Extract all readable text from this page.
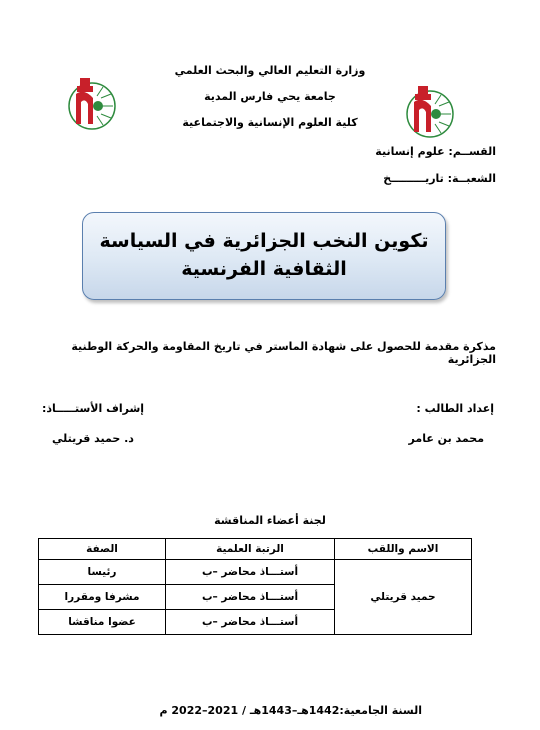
وزارة التعليم العالي والبحث العلمي
جامعة يحي فارس المدية
كلية العلوم الإنسانية والاجتماعية
القســم: علوم إنسانية
الشعبــة: تاريـــــــــخ
تكوين النخب الجزائرية في السياسة
الثقافية الفرنسية
مذكرة مقدمة للحصول على شهادة الماستر في تاريخ المقاومة والحركة الوطنية الجزائرية
إعداد الطالب :
إشراف الأستـــــاذ:
محمد بن عامر
د. حميد قريتلي
لجنة أعضاء المناقشة
الاسم واللقب	الرتبة العلمية	الصفة
حميد قريتلي	أستـــاذ محاضر –ب	رئيسا
	أستـــاذ محاضر –ب	مشرفا ومقررا
	أستـــاذ محاضر –ب	عضوا مناقشا
السنة الجامعية:1442هـ–1443هـ / 2021–2022 م
